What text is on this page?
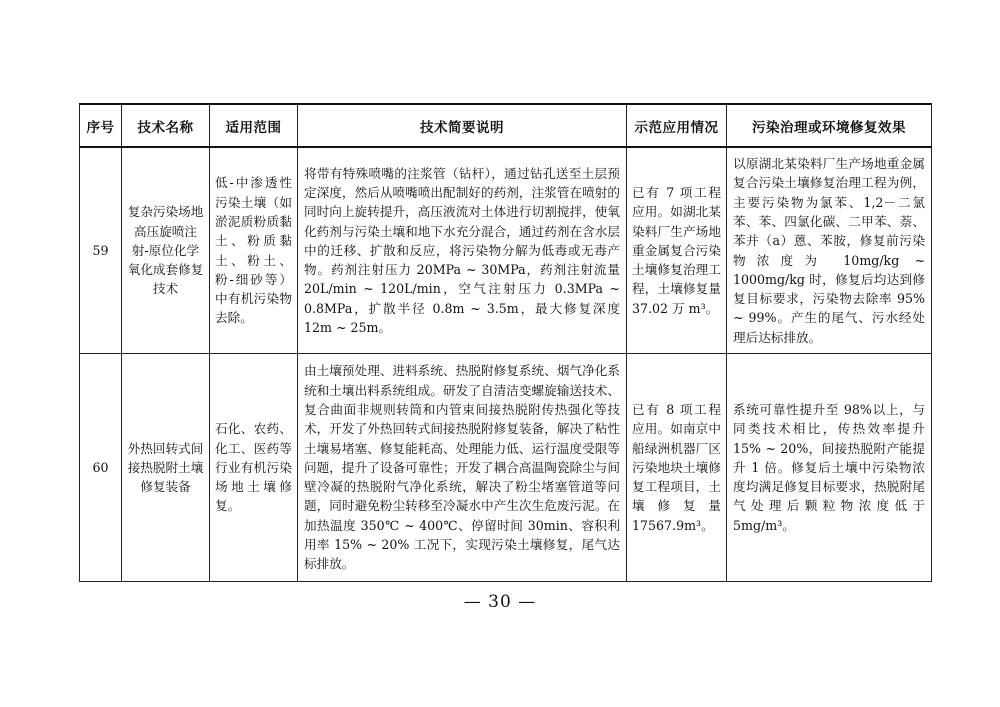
序号	技术名称	适用范围	技术简要说明	示范应用情况	污染治理或环境修复效果
59	复杂污染场地高压旋喷注射-原位化学氧化成套修复技术	低-中渗透性污染土壤（如淤泥质粉质黏土、粉质黏土、粉土、粉-细砂等）中有机污染物去除。	将带有特殊喷嘴的注浆管（钻杆），通过钻孔送至土层预定深度，然后从喷嘴喷出配制好的药剂，注浆管在喷射的同时向上旋转提升，高压液流对土体进行切割搅拌，使氧化药剂与污染土壤和地下水充分混合，通过药剂在含水层中的迁移、扩散和反应，将污染物分解为低毒或无毒产物。药剂注射压力 20MPa ~ 30MPa，药剂注射流量 20L/min ~ 120L/min，空气注射压力 0.3MPa ~ 0.8MPa，扩散半径 0.8m ~ 3.5m，最大修复深度 12m ~ 25m。	已有 7 项工程应用。如湖北某染料厂生产场地重金属复合污染土壤修复治理工程，土壤修复量 37.02 万 m³。	以原湖北某染料厂生产场地重金属复合污染土壤修复治理工程为例，主要污染物为氯苯、1,2－二氯苯、苯、四氯化碳、二甲苯、萘、苯并（a）蒽、苯胺，修复前污染物浓度为 10mg/kg ~ 1000mg/kg 时，修复后均达到修复目标要求，污染物去除率 95% ~ 99%。产生的尾气、污水经处理后达标排放。
60	外热回转式间接热脱附土壤修复装备	石化、农药、化工、医药等行业有机污染场地土壤修复。	由土壤预处理、进料系统、热脱附修复系统、烟气净化系统和土壤出料系统组成。研发了自清洁变螺旋输送技术、复合曲面非规则转筒和内管束间接热脱附传热强化等技术，开发了外热回转式间接热脱附修复装备，解决了粘性土壤易堵塞、修复能耗高、处理能力低、运行温度受限等问题，提升了设备可靠性；开发了耦合高温陶瓷除尘与间壁冷凝的热脱附气净化系统，解决了粉尘堵塞管道等问题，同时避免粉尘转移至冷凝水中产生次生危废污泥。在加热温度 350℃ ~ 400℃、停留时间 30min、容积利用率 15% ~ 20% 工况下，实现污染土壤修复，尾气达标排放。	已有 8 项工程应用。如南京中船绿洲机器厂区污染地块土壤修复工程项目，土壤修复量 17567.9m³。	系统可靠性提升至 98%以上，与同类技术相比，传热效率提升 15% ~ 20%，间接热脱附产能提升 1 倍。修复后土壤中污染物浓度均满足修复目标要求，热脱附尾气处理后颗粒物浓度低于 5mg/m³。
— 30 —
